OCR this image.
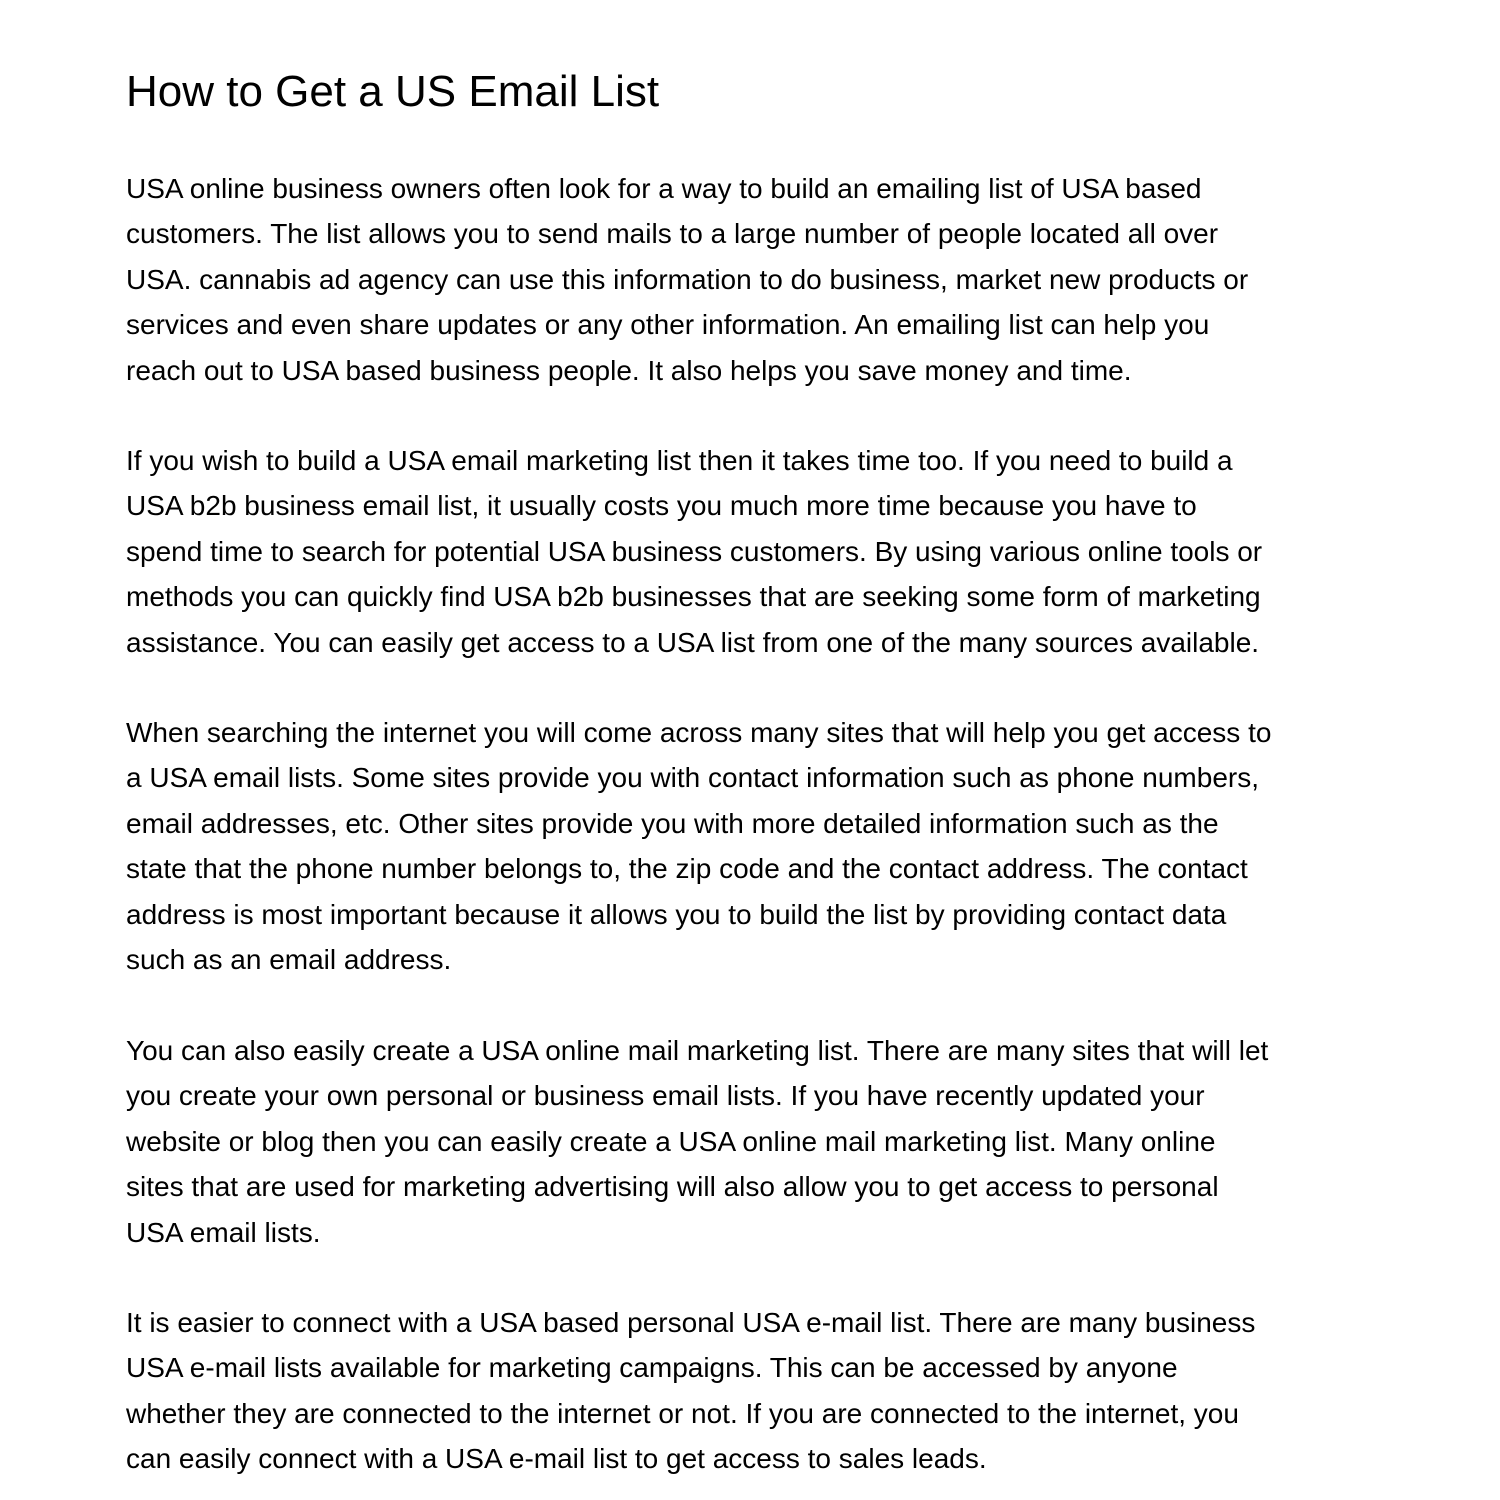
How to Get a US Email List

USA online business owners often look for a way to build an emailing list of USA based
customers. The list allows you to send mails to a large number of people located all over
USA. cannabis ad agency can use this information to do business, market new products or
services and even share updates or any other information. An emailing list can help you
reach out to USA based business people. It also helps you save money and time.

If you wish to build a USA email marketing list then it takes time too. If you need to build a
USA b2b business email list, it usually costs you much more time because you have to
spend time to search for potential USA business customers. By using various online tools or
methods you can quickly find USA b2b businesses that are seeking some form of marketing
assistance. You can easily get access to a USA list from one of the many sources available.

When searching the internet you will come across many sites that will help you get access to
a USA email lists. Some sites provide you with contact information such as phone numbers,
email addresses, etc. Other sites provide you with more detailed information such as the
state that the phone number belongs to, the zip code and the contact address. The contact
address is most important because it allows you to build the list by providing contact data
such as an email address.

You can also easily create a USA online mail marketing list. There are many sites that will let
you create your own personal or business email lists. If you have recently updated your
website or blog then you can easily create a USA online mail marketing list. Many online
sites that are used for marketing advertising will also allow you to get access to personal
USA email lists.

It is easier to connect with a USA based personal USA e-mail list. There are many business
USA e-mail lists available for marketing campaigns. This can be accessed by anyone
whether they are connected to the internet or not. If you are connected to the internet, you
can easily connect with a USA e-mail list to get access to sales leads.
